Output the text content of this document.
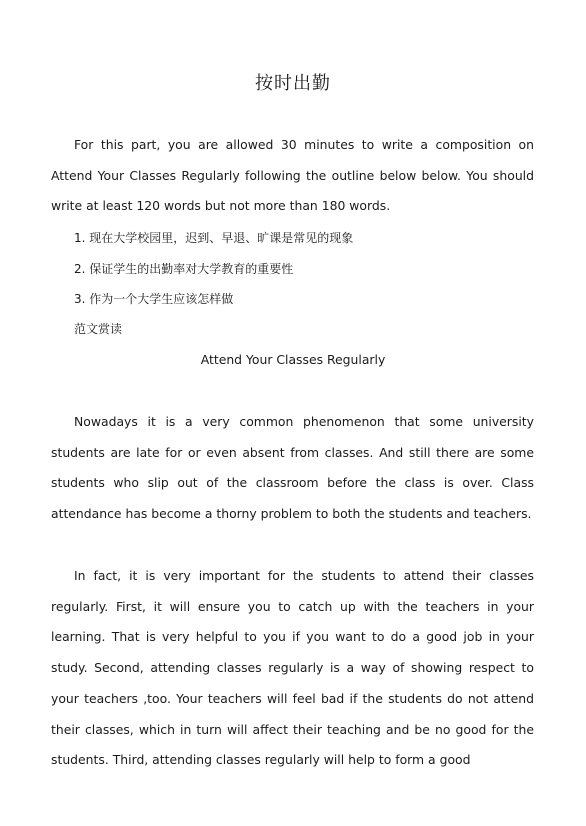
按时出勤

For this part, you are allowed 30 minutes to write a composition on Attend Your Classes Regularly following the outline below below. You should write at least 120 words but not more than 180 words.

1. 现在大学校园里，迟到、早退、旷课是常见的现象

2. 保证学生的出勤率对大学教育的重要性

3. 作为一个大学生应该怎样做

范文赏读
Attend Your Classes Regularly

Nowadays it is a very common phenomenon that some university students are late for or even absent from classes. And still there are some students who slip out of the classroom before the class is over. Class attendance has become a thorny problem to both the students and teachers.

In fact, it is very important for the students to attend their classes regularly. First, it will ensure you to catch up with the teachers in your learning. That is very helpful to you if you want to do a good job in your study. Second, attending classes regularly is a way of showing respect to your teachers ,too. Your teachers will feel bad if the students do not attend their classes, which in turn will affect their teaching and be no good for the students. Third, attending classes regularly will help to form a good
